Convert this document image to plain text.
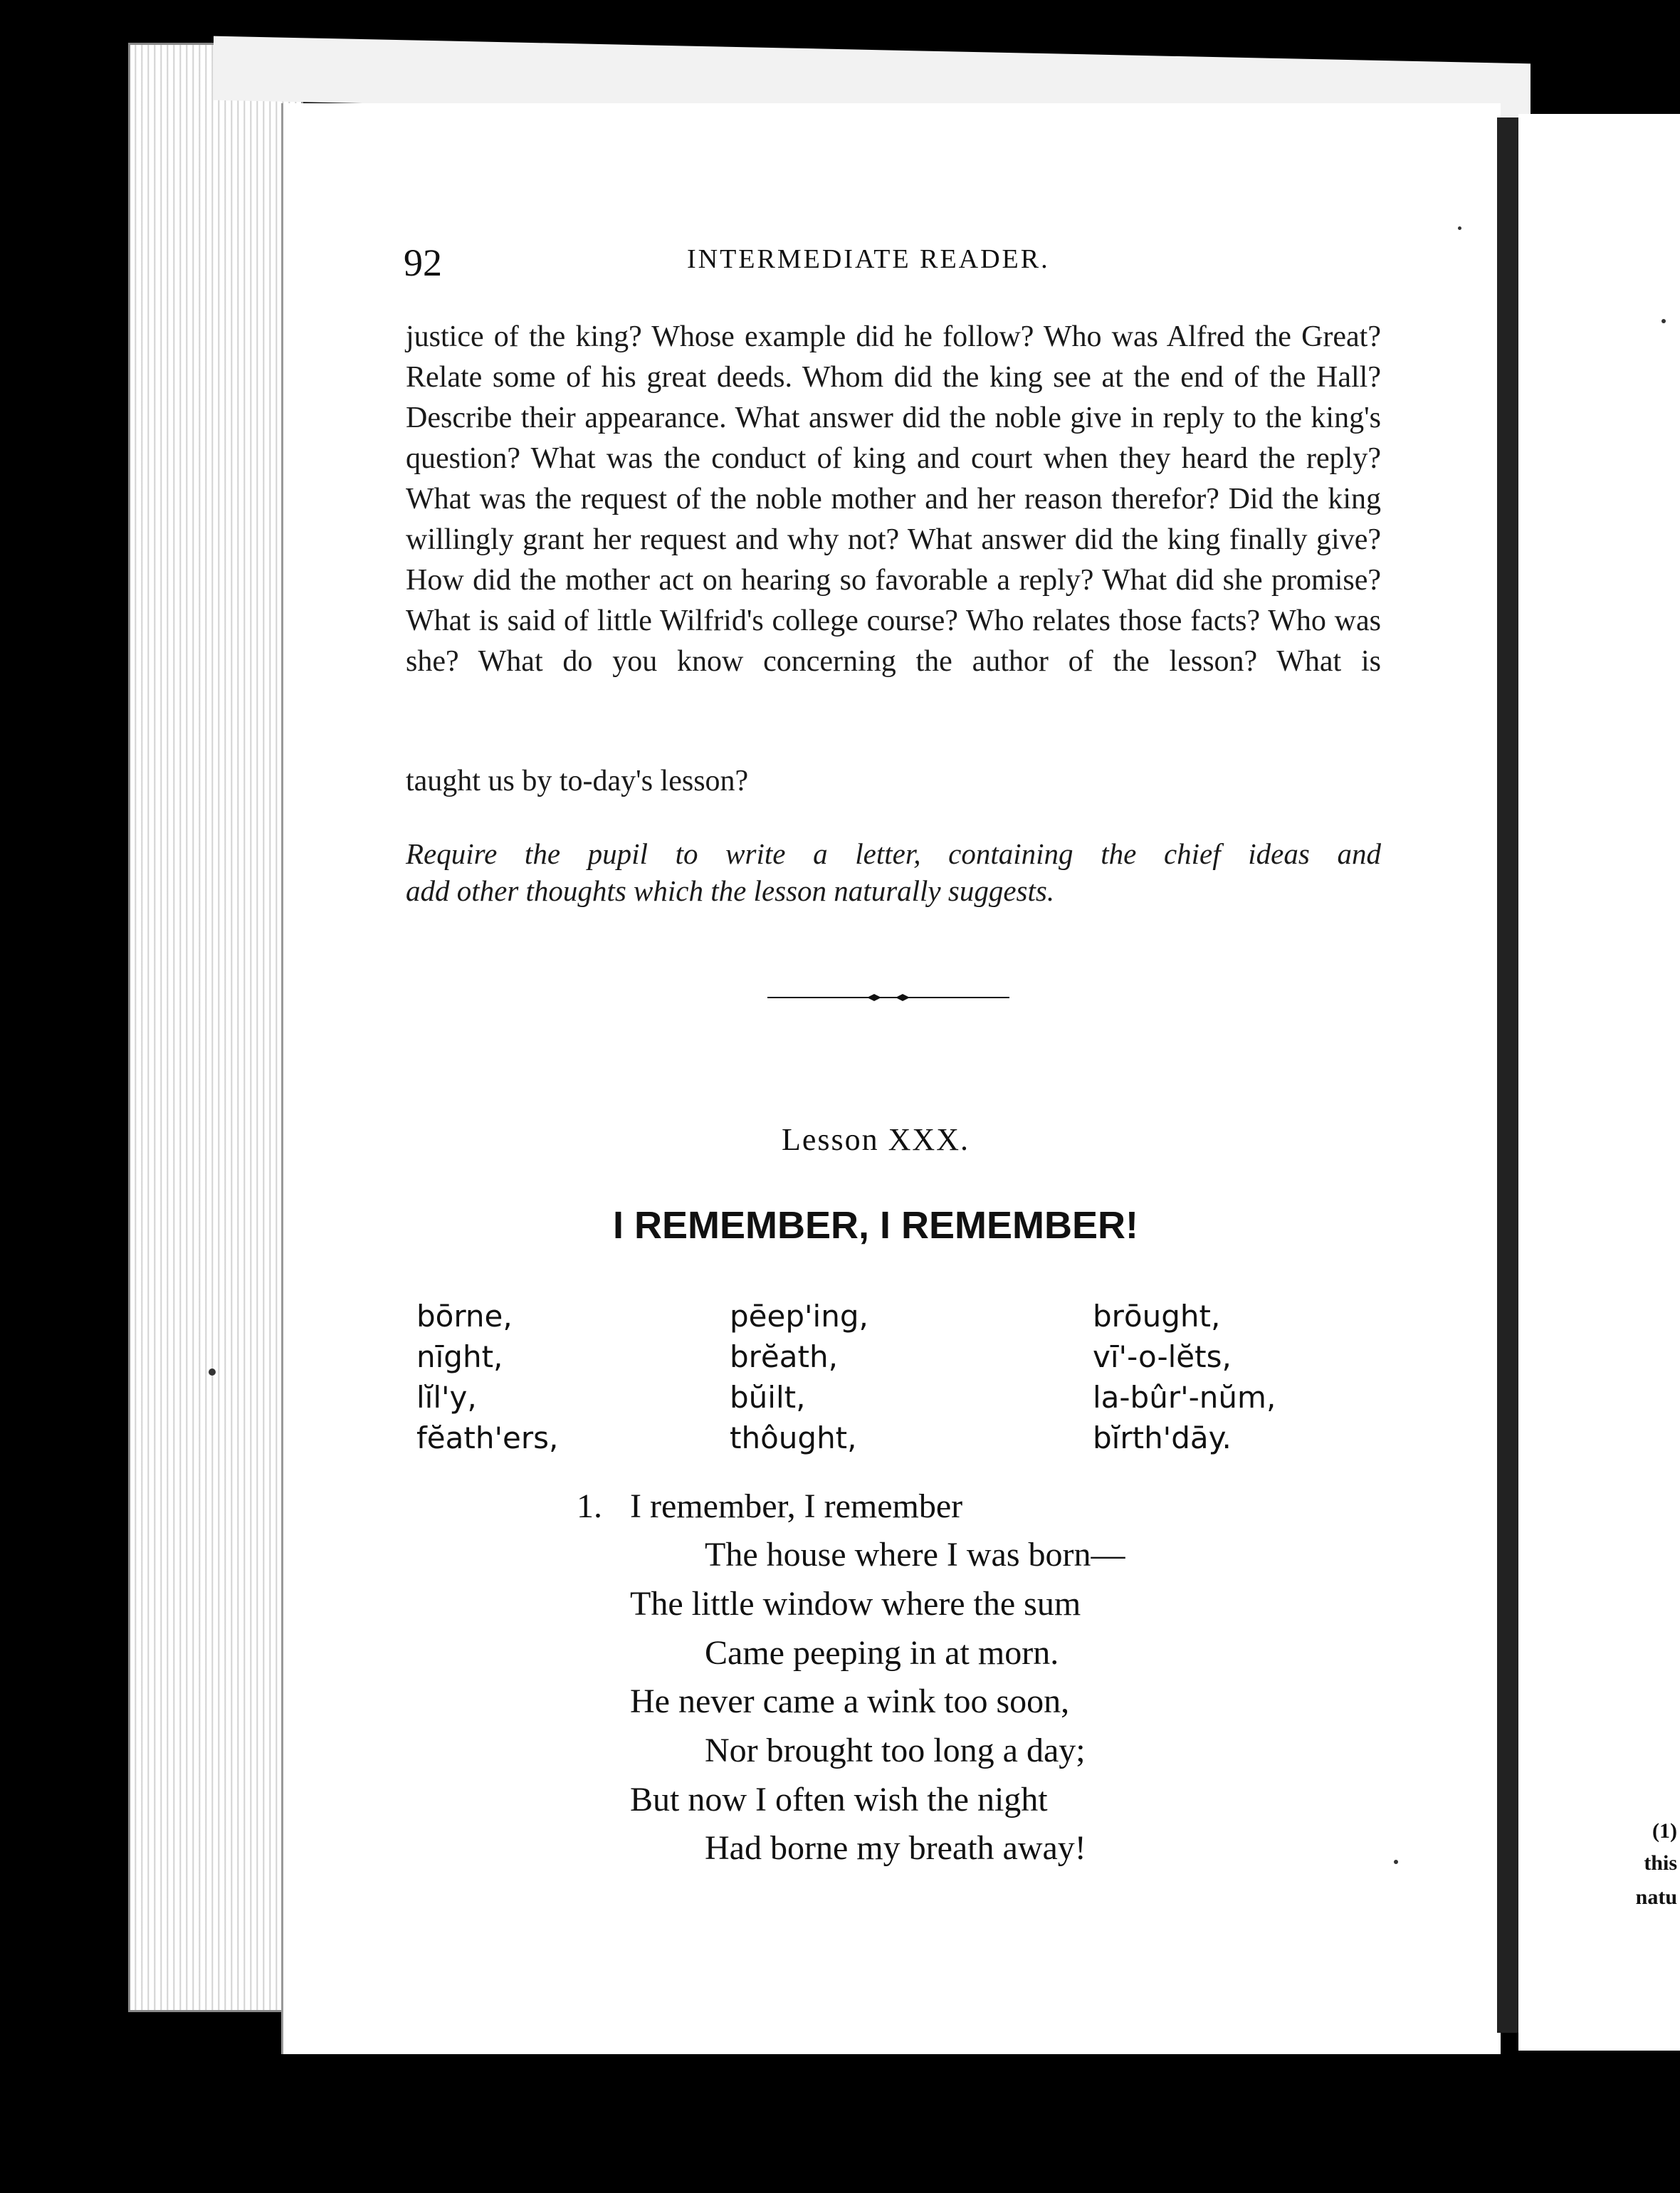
92	INTERMEDIATE READER.
justice of the king? Whose example did he follow? Who was Alfred the Great? Relate some of his great deeds. Whom did the king see at the end of the Hall? Describe their appearance. What answer did the noble give in reply to the king's question? What was the conduct of king and court when they heard the reply? What was the request of the noble mother and her reason therefor? Did the king willingly grant her request and why not? What answer did the king finally give? How did the mother act on hearing so favorable a reply? What did she promise? What is said of little Wilfrid's college course? Who relates those facts? Who was she? What do you know concerning the author of the lesson? What is
taught us by to-day's lesson?
Require the pupil to write a letter, containing the chief ideas and
add other thoughts which the lesson naturally suggests.
Lesson XXX.
I REMEMBER, I REMEMBER!
bōrne,
nīght,
lĭl'y,
fĕath'ers,
pēep'ing,
brĕath,
bŭilt,
thôught,
brōught,
vī'-o-lĕts,
la-bûr'-nŭm,
bĭrth'dāy.
1. I remember, I remember
The house where I was born—
The little window where the sum
Came peeping in at morn.
He never came a wink too soon,
Nor brought too long a day;
But now I often wish the night
Had borne my breath away!	(1)
this
natu
